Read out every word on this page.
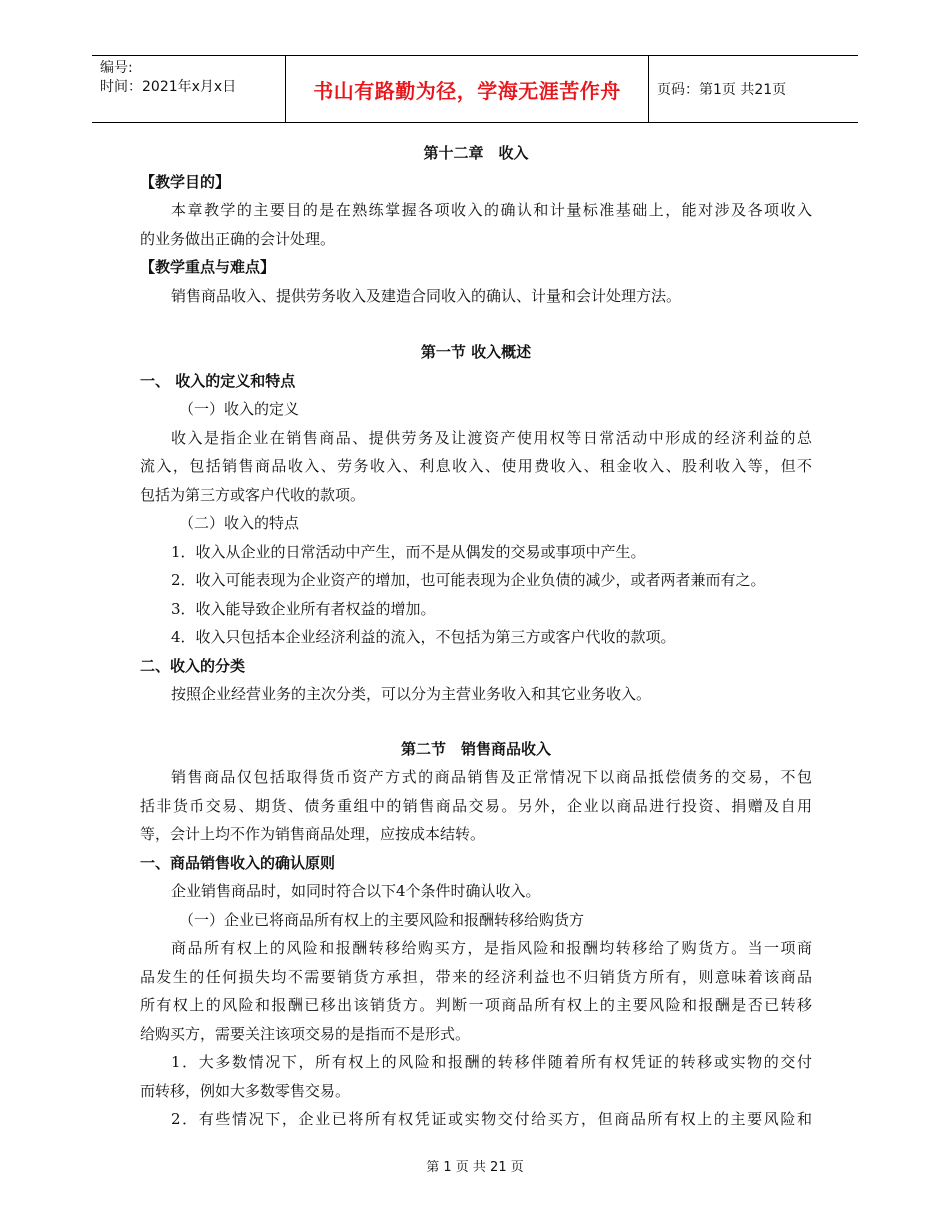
编号:
时间：2021年x月x日	书山有路勤为径，学海无涯苦作舟	页码：第1页 共21页
第十二章　收入
【教学目的】
本章教学的主要目的是在熟练掌握各项收入的确认和计量标准基础上，能对涉及各项收入
的业务做出正确的会计处理。
【教学重点与难点】
销售商品收入、提供劳务收入及建造合同收入的确认、计量和会计处理方法。
第一节 收入概述
一、 收入的定义和特点
（一）收入的定义
收入是指企业在销售商品、提供劳务及让渡资产使用权等日常活动中形成的经济利益的总
流入，包括销售商品收入、劳务收入、利息收入、使用费收入、租金收入、股利收入等，但不
包括为第三方或客户代收的款项。
（二）收入的特点
1．收入从企业的日常活动中产生，而不是从偶发的交易或事项中产生。
2．收入可能表现为企业资产的增加，也可能表现为企业负债的减少，或者两者兼而有之。
3．收入能导致企业所有者权益的增加。
4．收入只包括本企业经济利益的流入，不包括为第三方或客户代收的款项。
二、收入的分类
按照企业经营业务的主次分类，可以分为主营业务收入和其它业务收入。
第二节　销售商品收入
销售商品仅包括取得货币资产方式的商品销售及正常情况下以商品抵偿债务的交易，不包
括非货币交易、期货、债务重组中的销售商品交易。另外，企业以商品进行投资、捐赠及自用
等，会计上均不作为销售商品处理，应按成本结转。
一、商品销售收入的确认原则
企业销售商品时，如同时符合以下4个条件时确认收入。
（一）企业已将商品所有权上的主要风险和报酬转移给购货方
商品所有权上的风险和报酬转移给购买方，是指风险和报酬均转移给了购货方。当一项商
品发生的任何损失均不需要销货方承担，带来的经济利益也不归销货方所有，则意味着该商品
所有权上的风险和报酬已移出该销货方。判断一项商品所有权上的主要风险和报酬是否已转移
给购买方，需要关注该项交易的是指而不是形式。
1．大多数情况下，所有权上的风险和报酬的转移伴随着所有权凭证的转移或实物的交付
而转移，例如大多数零售交易。
2．有些情况下，企业已将所有权凭证或实物交付给买方，但商品所有权上的主要风险和
第 1 页 共 21 页
